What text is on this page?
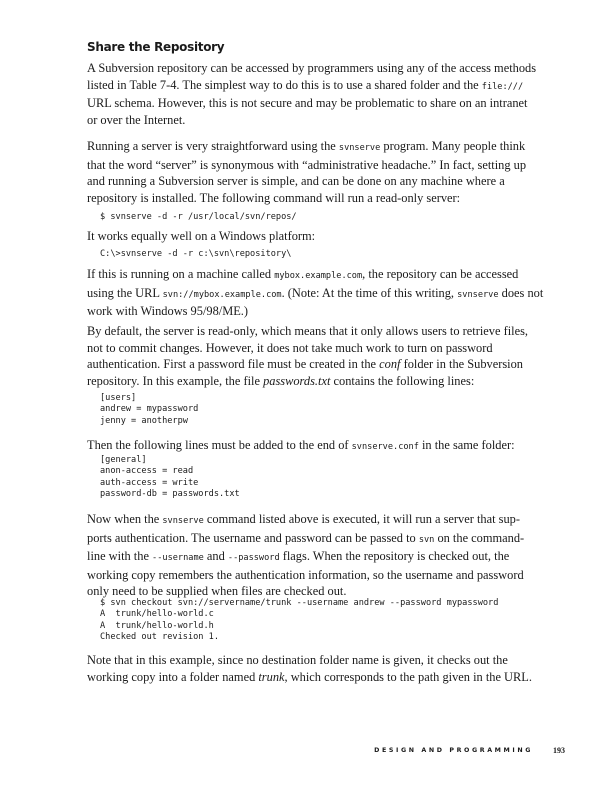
Share the Repository
A Subversion repository can be accessed by programmers using any of the access methods
listed in Table 7-4. The simplest way to do this is to use a shared folder and the file:///
URL schema. However, this is not secure and may be problematic to share on an intranet
or over the Internet.
Running a server is very straightforward using the svnserve program. Many people think
that the word “server” is synonymous with “administrative headache.” In fact, setting up
and running a Subversion server is simple, and can be done on any machine where a
repository is installed. The following command will run a read-only server:
$ svnserve -d -r /usr/local/svn/repos/
It works equally well on a Windows platform:
C:\>svnserve -d -r c:\svn\repository\
If this is running on a machine called mybox.example.com, the repository can be accessed
using the URL svn://mybox.example.com. (Note: At the time of this writing, svnserve does not
work with Windows 95/98/ME.)
By default, the server is read-only, which means that it only allows users to retrieve files,
not to commit changes. However, it does not take much work to turn on password
authentication. First a password file must be created in the conf folder in the Subversion
repository. In this example, the file passwords.txt contains the following lines:
[users]
andrew = mypassword
jenny = anotherpw
Then the following lines must be added to the end of svnserve.conf in the same folder:
[general]
anon-access = read
auth-access = write
password-db = passwords.txt
Now when the svnserve command listed above is executed, it will run a server that sup-
ports authentication. The username and password can be passed to svn on the command-
line with the --username and --password flags. When the repository is checked out, the
working copy remembers the authentication information, so the username and password
only need to be supplied when files are checked out.
$ svn checkout svn://servername/trunk --username andrew --password mypassword
A  trunk/hello-world.c
A  trunk/hello-world.h
Checked out revision 1.
Note that in this example, since no destination folder name is given, it checks out the
working copy into a folder named trunk, which corresponds to the path given in the URL.
DESIGN AND PROGRAMMING	193
